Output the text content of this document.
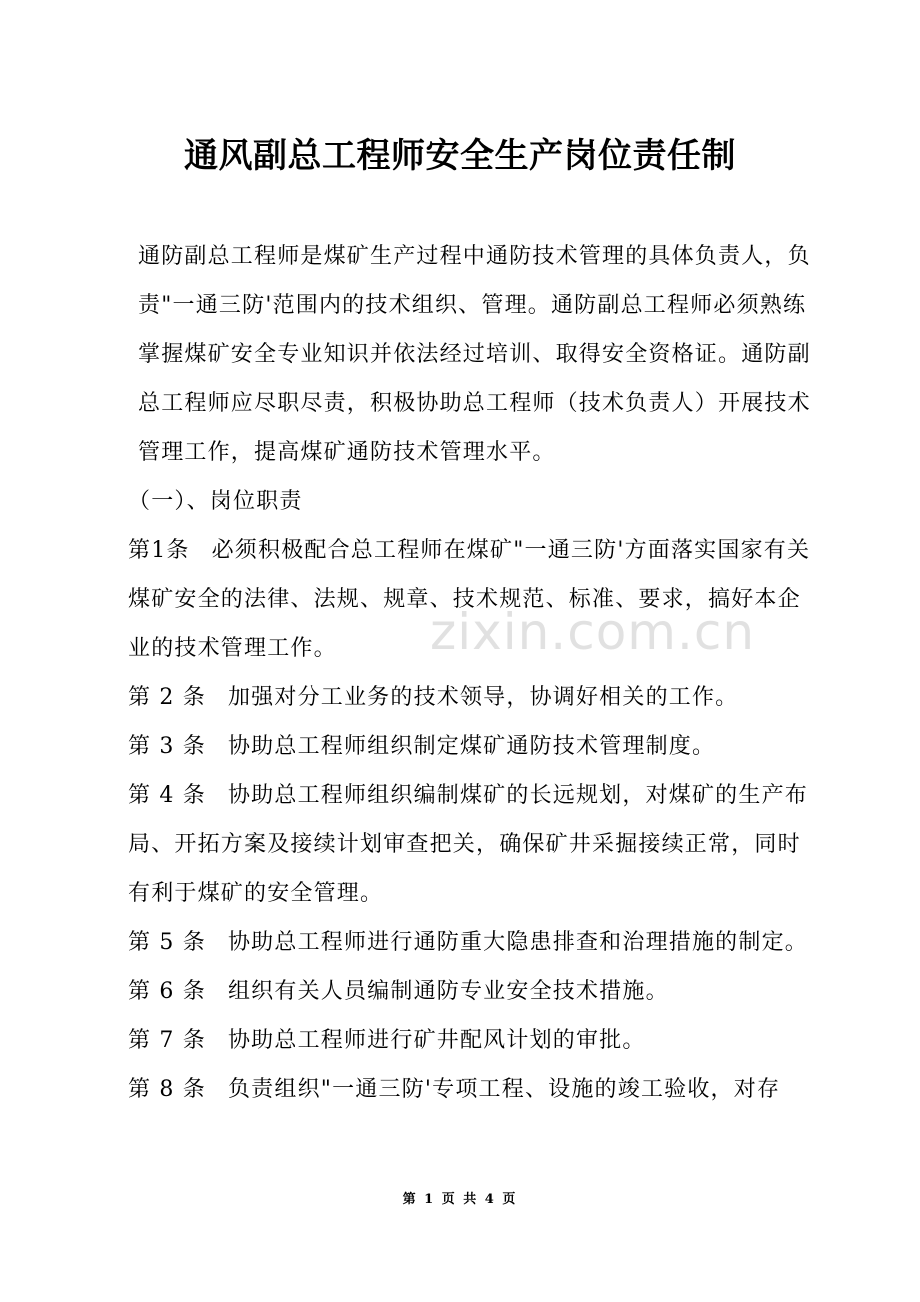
通风副总工程师安全生产岗位责任制

通防副总工程师是煤矿生产过程中通防技术管理的具体负责人，负责"一通三防'范围内的技术组织、管理。通防副总工程师必须熟练掌握煤矿安全专业知识并依法经过培训、取得安全资格证。通防副总工程师应尽职尽责，积极协助总工程师（技术负责人）开展技术管理工作，提高煤矿通防技术管理水平。

（一）、岗位职责

第1条 必须积极配合总工程师在煤矿"一通三防'方面落实国家有关煤矿安全的法律、法规、规章、技术规范、标准、要求，搞好本企业的技术管理工作。

第 2 条 加强对分工业务的技术领导，协调好相关的工作。

第 3 条 协助总工程师组织制定煤矿通防技术管理制度。

第 4 条 协助总工程师组织编制煤矿的长远规划，对煤矿的生产布局、开拓方案及接续计划审查把关，确保矿井采掘接续正常，同时有利于煤矿的安全管理。

第 5 条 协助总工程师进行通防重大隐患排查和治理措施的制定。

第 6 条 组织有关人员编制通防专业安全技术措施。

第 7 条 协助总工程师进行矿井配风计划的审批。

第 8 条 负责组织"一通三防'专项工程、设施的竣工验收，对存

zixin.com.cn
第 1 页 共 4 页
